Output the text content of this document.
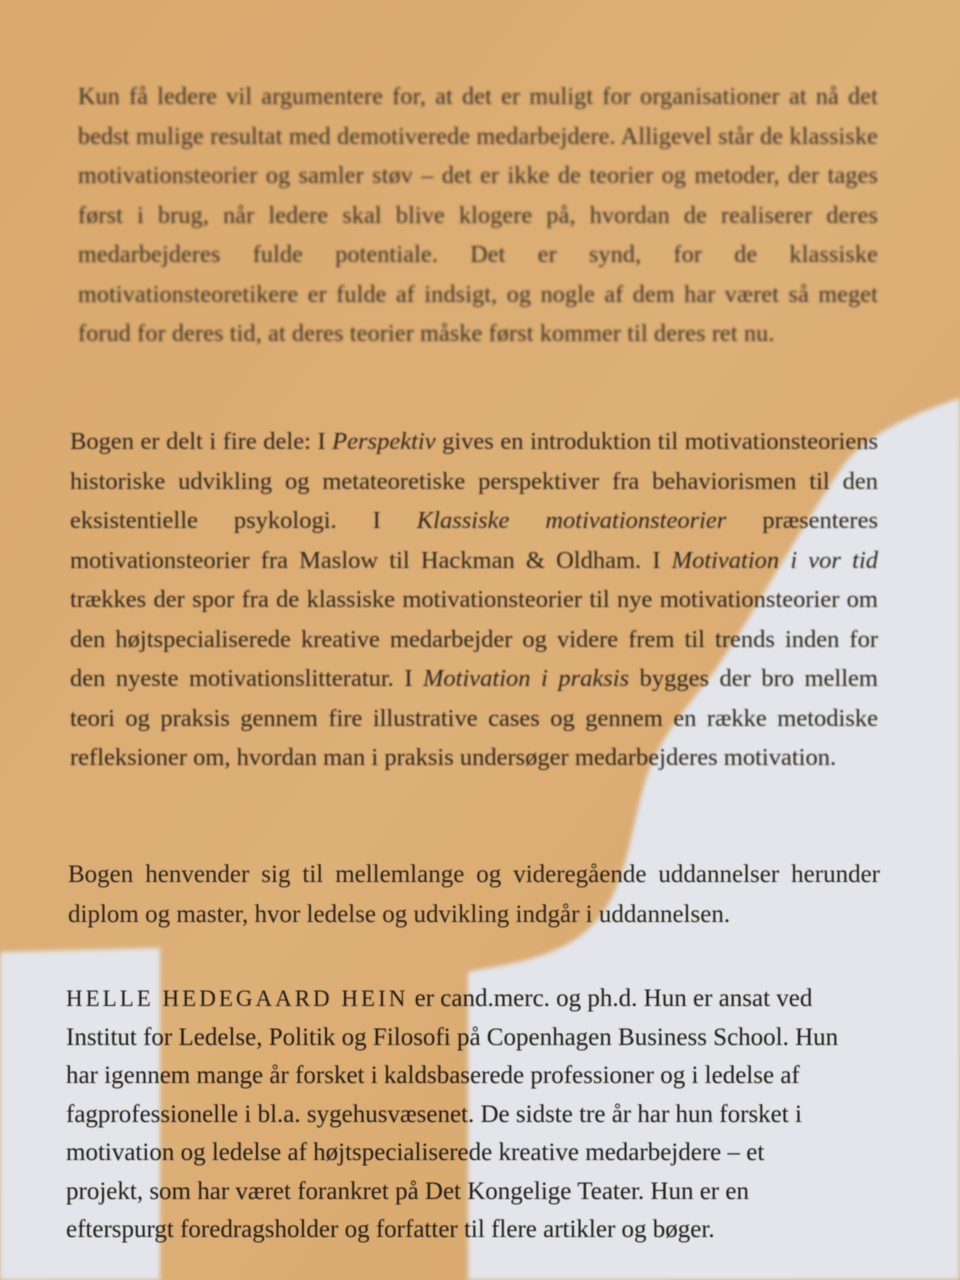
Kun få ledere vil argumentere for, at det er muligt for organisationer at nå det bedst mulige resultat med demotiverede medarbejdere. Alligevel står de klassiske motivationsteorier og samler støv – det er ikke de teorier og metoder, der tages først i brug, når ledere skal blive klogere på, hvordan de realiserer deres medarbejderes fulde potentiale. Det er synd, for de klassiske motivationsteoretikere er fulde af indsigt, og nogle af dem har været så meget forud for deres tid, at deres teorier måske først kommer til deres ret nu.

Bogen er delt i fire dele: I Perspektiv gives en introduktion til motivationsteoriens historiske udvikling og metateoretiske perspektiver fra behaviorismen til den eksistentielle psykologi. I Klassiske motivationsteorier præsenteres motivationsteorier fra Maslow til Hackman & Oldham. I Motivation i vor tid trækkes der spor fra de klassiske motivationsteorier til nye motivationsteorier om den højtspecialiserede kreative medarbejder og videre frem til trends inden for den nyeste motivationslitteratur. I Motivation i praksis bygges der bro mellem teori og praksis gennem fire illustrative cases og gennem en række metodiske refleksioner om, hvordan man i praksis undersøger medarbejderes motivation.

Bogen henvender sig til mellemlange og videregående uddannelser herunder diplom og master, hvor ledelse og udvikling indgår i uddannelsen.

HELLE HEDEGAARD HEIN er cand.merc. og ph.d. Hun er ansat ved Institut for Ledelse, Politik og Filosofi på Copenhagen Business School. Hun har igennem mange år forsket i kaldsbaserede professioner og i ledelse af fagprofessionelle i bl.a. sygehusvæsenet. De sidste tre år har hun forsket i motivation og ledelse af højtspecialiserede kreative medarbejdere – et projekt, som har været forankret på Det Kongelige Teater. Hun er en efterspurgt foredragsholder og forfatter til flere artikler og bøger.
